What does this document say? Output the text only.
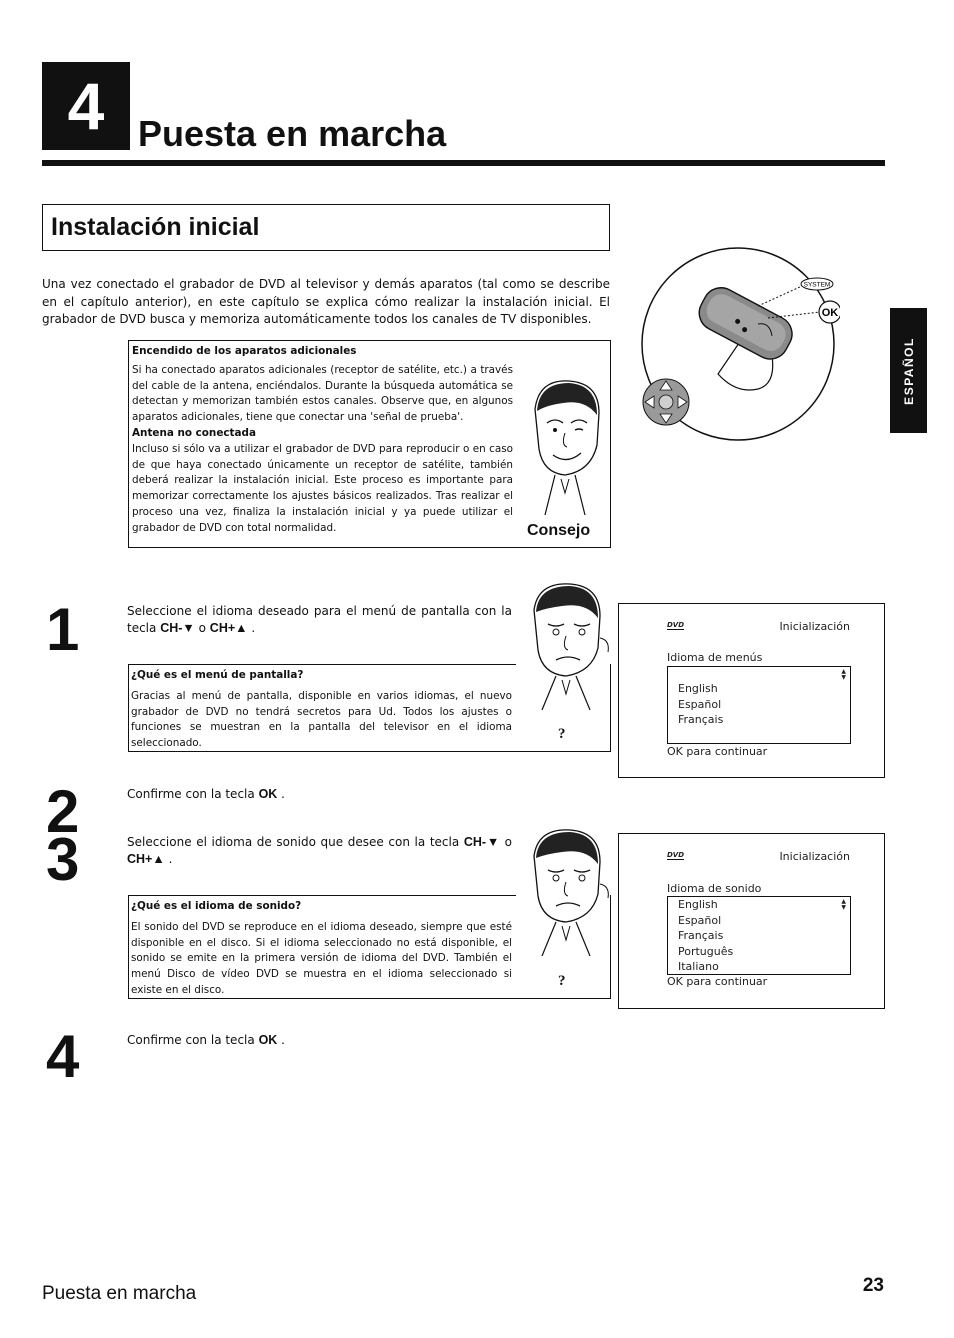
4 Puesta en marcha
Instalación inicial
Una vez conectado el grabador de DVD al televisor y demás aparatos (tal como se describe en el capítulo anterior), en este capítulo se explica cómo realizar la instalación inicial. El grabador de DVD busca y memoriza automáticamente todos los canales de TV disponibles.
SYSTEM
OK
ESPAÑOL
Encendido de los aparatos adicionales
Si ha conectado aparatos adicionales (receptor de satélite, etc.) a través del cable de la antena, enciéndalos. Durante la búsqueda automática se detectan y memorizan también estos canales. Observe que, en algunos aparatos adicionales, tiene que conectar una 'señal de prueba'.
Antena no conectada
Incluso si sólo va a utilizar el grabador de DVD para reproducir o en caso de que haya conectado únicamente un receptor de satélite, también deberá realizar la instalación inicial. Este proceso es importante para memorizar correctamente los ajustes básicos realizados. Tras realizar el proceso una vez, finaliza la instalación inicial y ya puede utilizar el grabador de DVD con total normalidad.	Consejo
1	Seleccione el idioma deseado para el menú de pantalla con la tecla CH-▼ o CH+▲ .
¿Qué es el menú de pantalla?
Gracias al menú de pantalla, disponible en varios idiomas, el nuevo grabador de DVD no tendrá secretos para Ud. Todos los ajustes o funciones se muestran en la pantalla del televisor en el idioma seleccionado.
?
DVD	Inicialización
Idioma de menús
▲
▼
English
Español
Français
OK para continuar
2	Confirme con la tecla OK .
3	Seleccione el idioma de sonido que desee con la tecla CH-▼ o CH+▲ .
¿Qué es el idioma de sonido?
El sonido del DVD se reproduce en el idioma deseado, siempre que esté disponible en el disco. Si el idioma seleccionado no está disponible, el sonido se emite en la primera versión de idioma del DVD. También el menú Disco de vídeo DVD se muestra en el idioma seleccionado si existe en el disco.
?
DVD	Inicialización
Idioma de sonido
▲
▼
English
Español
Français
Português
Italiano
OK para continuar
4	Confirme con la tecla OK .
Puesta en marcha	23
